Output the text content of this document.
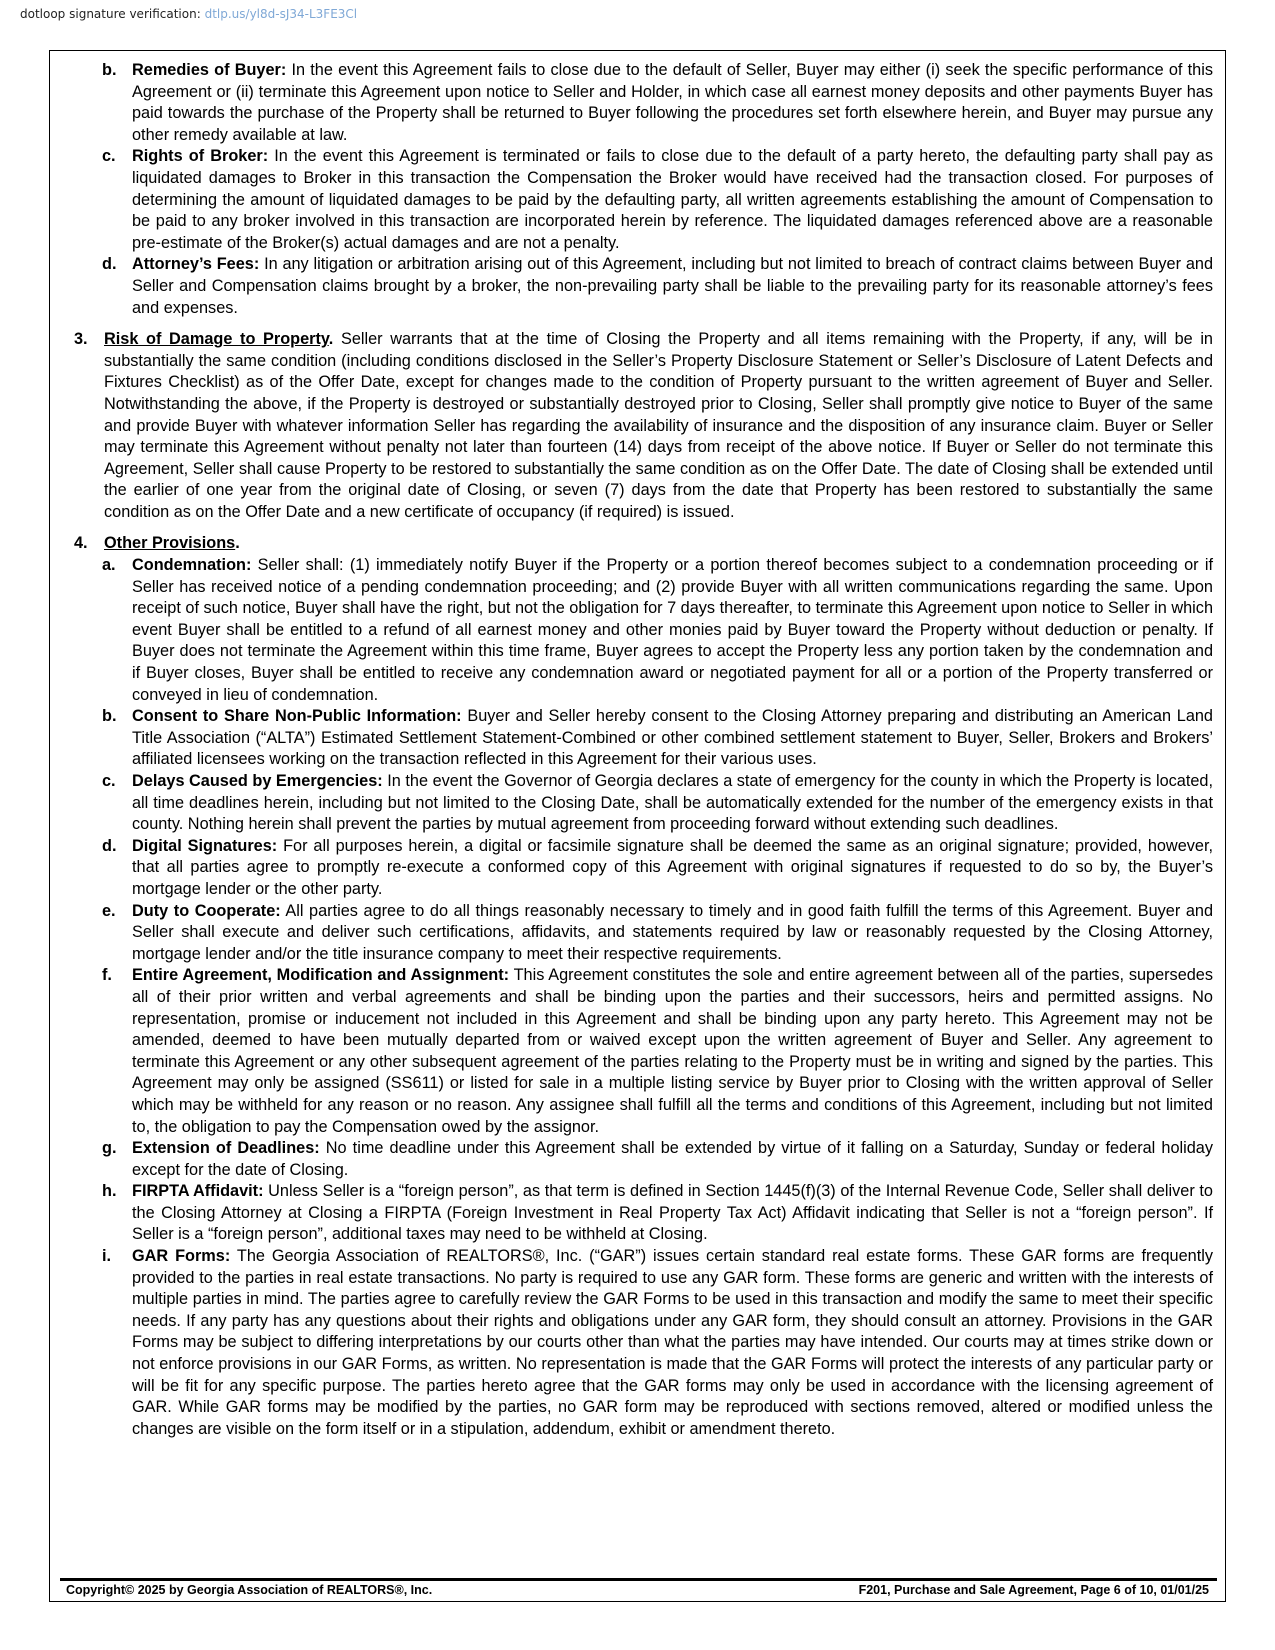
dotloop signature verification: dtlp.us/yl8d-sJ34-L3FE3Cl
b. Remedies of Buyer: In the event this Agreement fails to close due to the default of Seller, Buyer may either (i) seek the specific performance of this Agreement or (ii) terminate this Agreement upon notice to Seller and Holder, in which case all earnest money deposits and other payments Buyer has paid towards the purchase of the Property shall be returned to Buyer following the procedures set forth elsewhere herein, and Buyer may pursue any other remedy available at law.
c. Rights of Broker: In the event this Agreement is terminated or fails to close due to the default of a party hereto, the defaulting party shall pay as liquidated damages to Broker in this transaction the Compensation the Broker would have received had the transaction closed. For purposes of determining the amount of liquidated damages to be paid by the defaulting party, all written agreements establishing the amount of Compensation to be paid to any broker involved in this transaction are incorporated herein by reference. The liquidated damages referenced above are a reasonable pre-estimate of the Broker(s) actual damages and are not a penalty.
d. Attorney’s Fees: In any litigation or arbitration arising out of this Agreement, including but not limited to breach of contract claims between Buyer and Seller and Compensation claims brought by a broker, the non-prevailing party shall be liable to the prevailing party for its reasonable attorney’s fees and expenses.
3. Risk of Damage to Property. Seller warrants that at the time of Closing the Property and all items remaining with the Property, if any, will be in substantially the same condition (including conditions disclosed in the Seller’s Property Disclosure Statement or Seller’s Disclosure of Latent Defects and Fixtures Checklist) as of the Offer Date, except for changes made to the condition of Property pursuant to the written agreement of Buyer and Seller. Notwithstanding the above, if the Property is destroyed or substantially destroyed prior to Closing, Seller shall promptly give notice to Buyer of the same and provide Buyer with whatever information Seller has regarding the availability of insurance and the disposition of any insurance claim. Buyer or Seller may terminate this Agreement without penalty not later than fourteen (14) days from receipt of the above notice. If Buyer or Seller do not terminate this Agreement, Seller shall cause Property to be restored to substantially the same condition as on the Offer Date. The date of Closing shall be extended until the earlier of one year from the original date of Closing, or seven (7) days from the date that Property has been restored to substantially the same condition as on the Offer Date and a new certificate of occupancy (if required) is issued.
4. Other Provisions.
a. Condemnation: Seller shall: (1) immediately notify Buyer if the Property or a portion thereof becomes subject to a condemnation proceeding or if Seller has received notice of a pending condemnation proceeding; and (2) provide Buyer with all written communications regarding the same. Upon receipt of such notice, Buyer shall have the right, but not the obligation for 7 days thereafter, to terminate this Agreement upon notice to Seller in which event Buyer shall be entitled to a refund of all earnest money and other monies paid by Buyer toward the Property without deduction or penalty. If Buyer does not terminate the Agreement within this time frame, Buyer agrees to accept the Property less any portion taken by the condemnation and if Buyer closes, Buyer shall be entitled to receive any condemnation award or negotiated payment for all or a portion of the Property transferred or conveyed in lieu of condemnation.
b. Consent to Share Non-Public Information: Buyer and Seller hereby consent to the Closing Attorney preparing and distributing an American Land Title Association (“ALTA”) Estimated Settlement Statement-Combined or other combined settlement statement to Buyer, Seller, Brokers and Brokers’ affiliated licensees working on the transaction reflected in this Agreement for their various uses.
c. Delays Caused by Emergencies: In the event the Governor of Georgia declares a state of emergency for the county in which the Property is located, all time deadlines herein, including but not limited to the Closing Date, shall be automatically extended for the number of the emergency exists in that county. Nothing herein shall prevent the parties by mutual agreement from proceeding forward without extending such deadlines.
d. Digital Signatures: For all purposes herein, a digital or facsimile signature shall be deemed the same as an original signature; provided, however, that all parties agree to promptly re-execute a conformed copy of this Agreement with original signatures if requested to do so by, the Buyer’s mortgage lender or the other party.
e. Duty to Cooperate: All parties agree to do all things reasonably necessary to timely and in good faith fulfill the terms of this Agreement. Buyer and Seller shall execute and deliver such certifications, affidavits, and statements required by law or reasonably requested by the Closing Attorney, mortgage lender and/or the title insurance company to meet their respective requirements.
f. Entire Agreement, Modification and Assignment: This Agreement constitutes the sole and entire agreement between all of the parties, supersedes all of their prior written and verbal agreements and shall be binding upon the parties and their successors, heirs and permitted assigns. No representation, promise or inducement not included in this Agreement and shall be binding upon any party hereto. This Agreement may not be amended, deemed to have been mutually departed from or waived except upon the written agreement of Buyer and Seller. Any agreement to terminate this Agreement or any other subsequent agreement of the parties relating to the Property must be in writing and signed by the parties. This Agreement may only be assigned (SS611) or listed for sale in a multiple listing service by Buyer prior to Closing with the written approval of Seller which may be withheld for any reason or no reason. Any assignee shall fulfill all the terms and conditions of this Agreement, including but not limited to, the obligation to pay the Compensation owed by the assignor.
g. Extension of Deadlines: No time deadline under this Agreement shall be extended by virtue of it falling on a Saturday, Sunday or federal holiday except for the date of Closing.
h. FIRPTA Affidavit: Unless Seller is a “foreign person”, as that term is defined in Section 1445(f)(3) of the Internal Revenue Code, Seller shall deliver to the Closing Attorney at Closing a FIRPTA (Foreign Investment in Real Property Tax Act) Affidavit indicating that Seller is not a “foreign person”. If Seller is a “foreign person”, additional taxes may need to be withheld at Closing.
i. GAR Forms: The Georgia Association of REALTORS®, Inc. (“GAR”) issues certain standard real estate forms. These GAR forms are frequently provided to the parties in real estate transactions. No party is required to use any GAR form. These forms are generic and written with the interests of multiple parties in mind. The parties agree to carefully review the GAR Forms to be used in this transaction and modify the same to meet their specific needs. If any party has any questions about their rights and obligations under any GAR form, they should consult an attorney. Provisions in the GAR Forms may be subject to differing interpretations by our courts other than what the parties may have intended. Our courts may at times strike down or not enforce provisions in our GAR Forms, as written. No representation is made that the GAR Forms will protect the interests of any particular party or will be fit for any specific purpose. The parties hereto agree that the GAR forms may only be used in accordance with the licensing agreement of GAR. While GAR forms may be modified by the parties, no GAR form may be reproduced with sections removed, altered or modified unless the changes are visible on the form itself or in a stipulation, addendum, exhibit or amendment thereto.
Copyright© 2025 by Georgia Association of REALTORS®, Inc.	F201, Purchase and Sale Agreement, Page 6 of 10, 01/01/25
